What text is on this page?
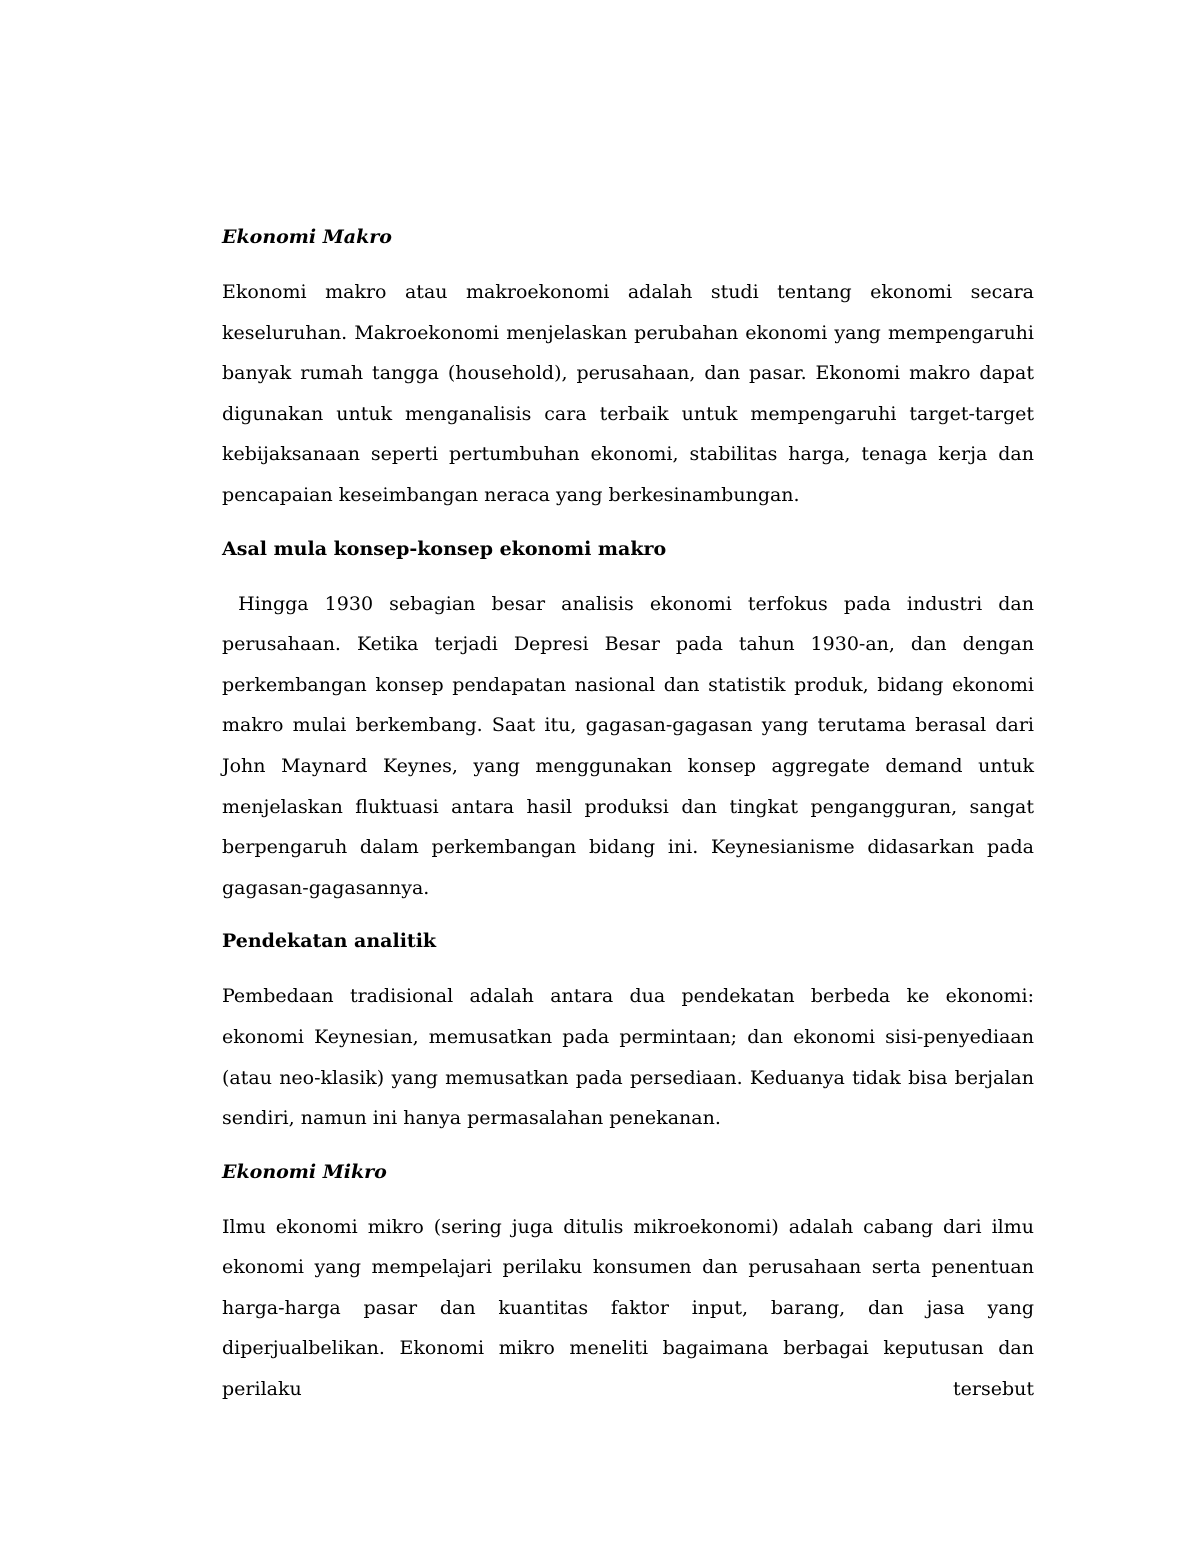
Ekonomi Makro

Ekonomi makro atau makroekonomi adalah studi tentang ekonomi secara keseluruhan. Makroekonomi menjelaskan perubahan ekonomi yang mempengaruhi banyak rumah tangga (household), perusahaan, dan pasar. Ekonomi makro dapat digunakan untuk menganalisis cara terbaik untuk mempengaruhi target-target kebijaksanaan seperti pertumbuhan ekonomi, stabilitas harga, tenaga kerja dan pencapaian keseimbangan neraca yang berkesinambungan.

Asal mula konsep-konsep ekonomi makro

Hingga 1930 sebagian besar analisis ekonomi terfokus pada industri dan perusahaan. Ketika terjadi Depresi Besar pada tahun 1930-an, dan dengan perkembangan konsep pendapatan nasional dan statistik produk, bidang ekonomi makro mulai berkembang. Saat itu, gagasan-gagasan yang terutama berasal dari John Maynard Keynes, yang menggunakan konsep aggregate demand untuk menjelaskan fluktuasi antara hasil produksi dan tingkat pengangguran, sangat berpengaruh dalam perkembangan bidang ini. Keynesianisme didasarkan pada gagasan-gagasannya.

Pendekatan analitik

Pembedaan tradisional adalah antara dua pendekatan berbeda ke ekonomi: ekonomi Keynesian, memusatkan pada permintaan; dan ekonomi sisi-penyediaan (atau neo-klasik) yang memusatkan pada persediaan. Keduanya tidak bisa berjalan sendiri, namun ini hanya permasalahan penekanan.

Ekonomi Mikro

Ilmu ekonomi mikro (sering juga ditulis mikroekonomi) adalah cabang dari ilmu ekonomi yang mempelajari perilaku konsumen dan perusahaan serta penentuan harga-harga pasar dan kuantitas faktor input, barang, dan jasa yang diperjualbelikan. Ekonomi mikro meneliti bagaimana berbagai keputusan dan perilaku tersebut
